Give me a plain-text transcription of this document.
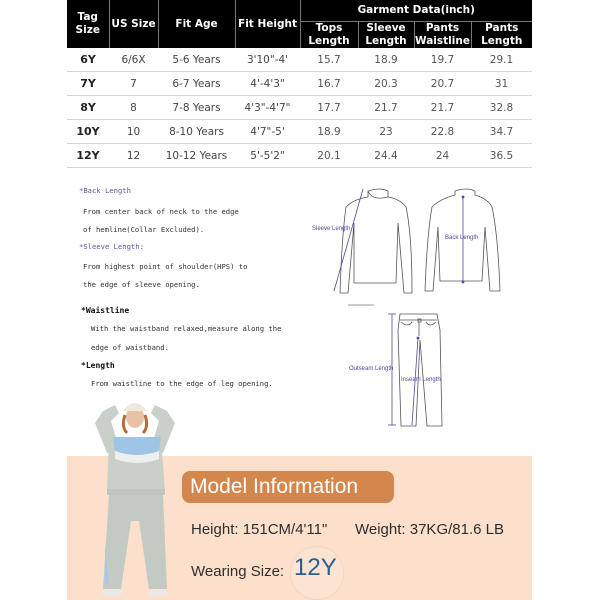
Tag Size	US Size	Fit Age	Fit Height	Garment Data(inch)			
				Tops Length	Sleeve Length	Pants Waistline	Pants Length
6Y	6/6X	5-6 Years	3'10"-4'	15.7	18.9	19.7	29.1
7Y	7	6-7 Years	4'-4'3"	16.7	20.3	20.7	31
8Y	8	7-8 Years	4'3"-4'7"	17.7	21.7	21.7	32.8
10Y	10	8-10 Years	4'7"-5'	18.9	23	22.8	34.7
12Y	12	10-12 Years	5'-5'2"	20.1	24.4	24	36.5

*Back Length

From center back of neck to the edge

of hemline(Collar Excluded).

*Sleeve Length:

From highest point of shoulder(HPS) to

the edge of sleeve opening.

*Waistline

With the waistband relaxed,measure along the

edge of waistband.

*Length

From waistline to the edge of leg opening.

Sleeve Length
Back Length
Outseam Length
Inseam Length
Model Information
Height: 151CM/4'11" Weight: 37KG/81.6 LB
Wearing Size: 12Y
